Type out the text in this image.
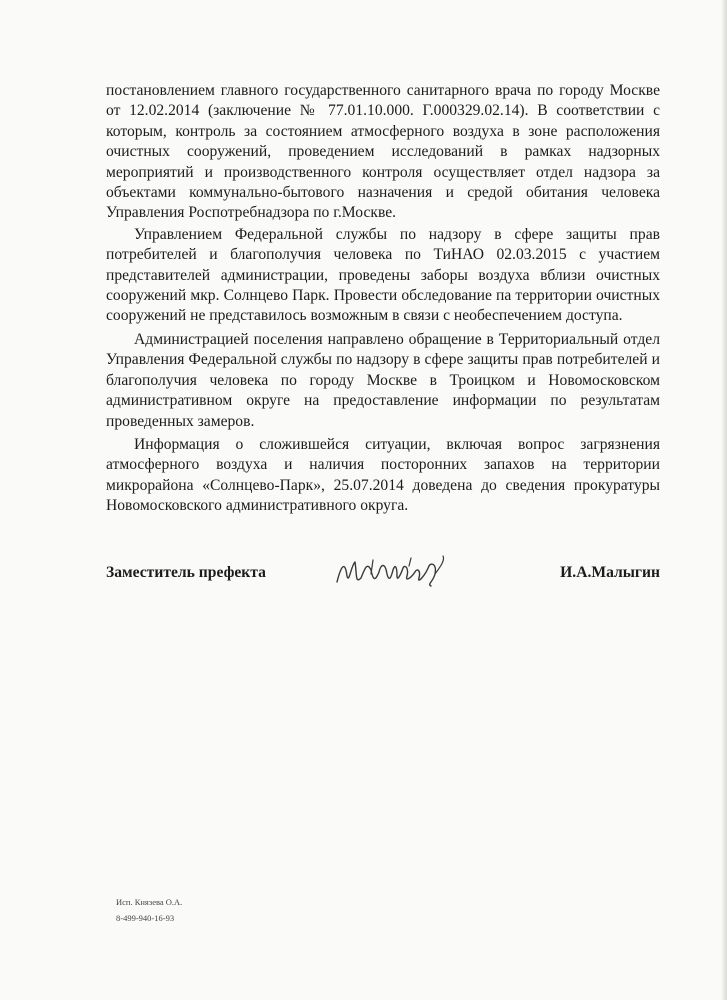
постановлением главного государственного санитарного врача по городу Москве от 12.02.2014 (заключение № 77.01.10.000. Г.000329.02.14). В соответствии с которым, контроль за состоянием атмосферного воздуха в зоне расположения очистных сооружений, проведением исследований в рамках надзорных мероприятий и производственного контроля осуществляет отдел надзора за объектами коммунально-бытового назначения и средой обитания человека Управления Роспотребнадзора по г.Москве.

Управлением Федеральной службы по надзору в сфере защиты прав потребителей и благополучия человека по ТиНАО 02.03.2015 с участием представителей администрации, проведены заборы воздуха вблизи очистных сооружений мкр. Солнцево Парк. Провести обследование па территории очистных сооружений не представилось возможным в связи с необеспечением доступа.

Администрацией поселения направлено обращение в Территориальный отдел Управления Федеральной службы по надзору в сфере защиты прав потребителей и благополучия человека по городу Москве в Троицком и Новомосковском административном округе на предоставление информации по результатам проведенных замеров.

Информация о сложившейся ситуации, включая вопрос загрязнения атмосферного воздуха и наличия посторонних запахов на территории микрорайона «Солнцево-Парк», 25.07.2014 доведена до сведения прокуратуры Новомосковского административного округа.

Заместитель префекта	И.А.Малыгин
Исп. Князева О.А.
8-499-940-16-93
